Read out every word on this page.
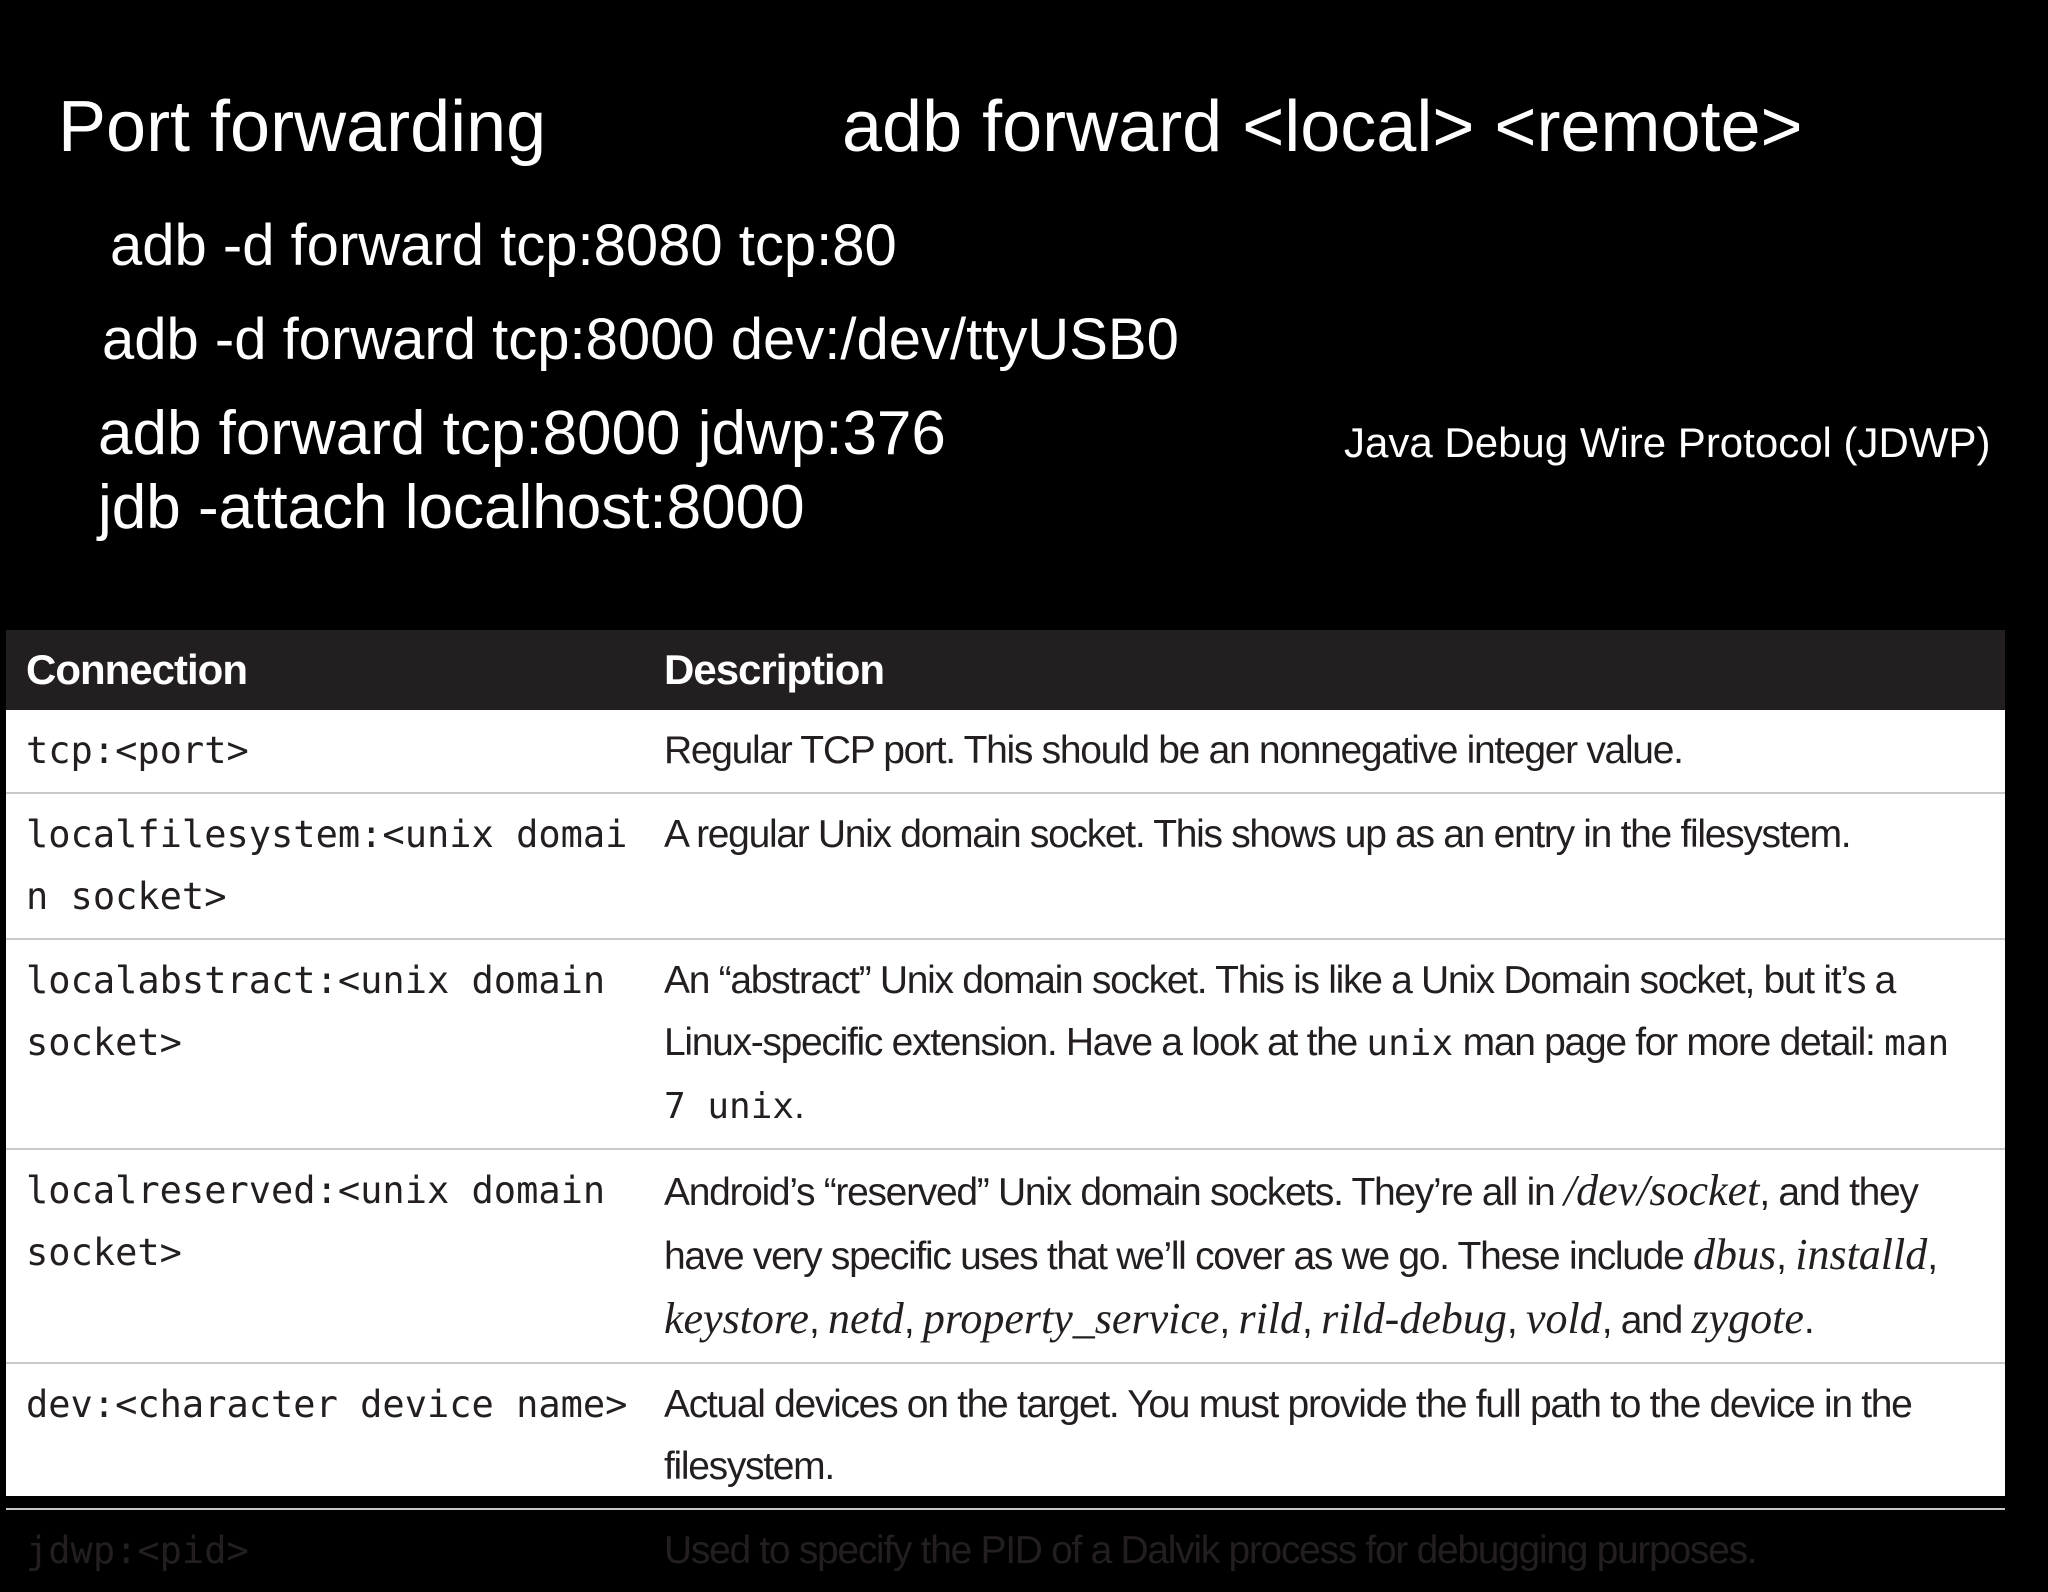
Port forwarding	adb forward <local> <remote>
adb -d forward tcp:8080 tcp:80
adb -d forward tcp:8000 dev:/dev/ttyUSB0
adb forward tcp:8000 jdwp:376
jdb -attach localhost:8000
Java Debug Wire Protocol (JDWP)
Connection	Description
tcp:<port>	Regular TCP port. This should be an nonnegative integer value.
localfilesystem:<unix domain socket>	A regular Unix domain socket. This shows up as an entry in the filesystem.
localabstract:<unix domain socket>	An “abstract” Unix domain socket. This is like a Unix Domain socket, but it’s a Linux-specific extension. Have a look at the unix man page for more detail: man 7 unix.
localreserved:<unix domain socket>	Android’s “reserved” Unix domain sockets. They’re all in /dev/socket, and they have very specific uses that we’ll cover as we go. These include dbus, installd, keystore, netd, property_service, rild, rild-debug, vold, and zygote.
dev:<character device name>	Actual devices on the target. You must provide the full path to the device in the filesystem.
jdwp:<pid>	Used to specify the PID of a Dalvik process for debugging purposes.
